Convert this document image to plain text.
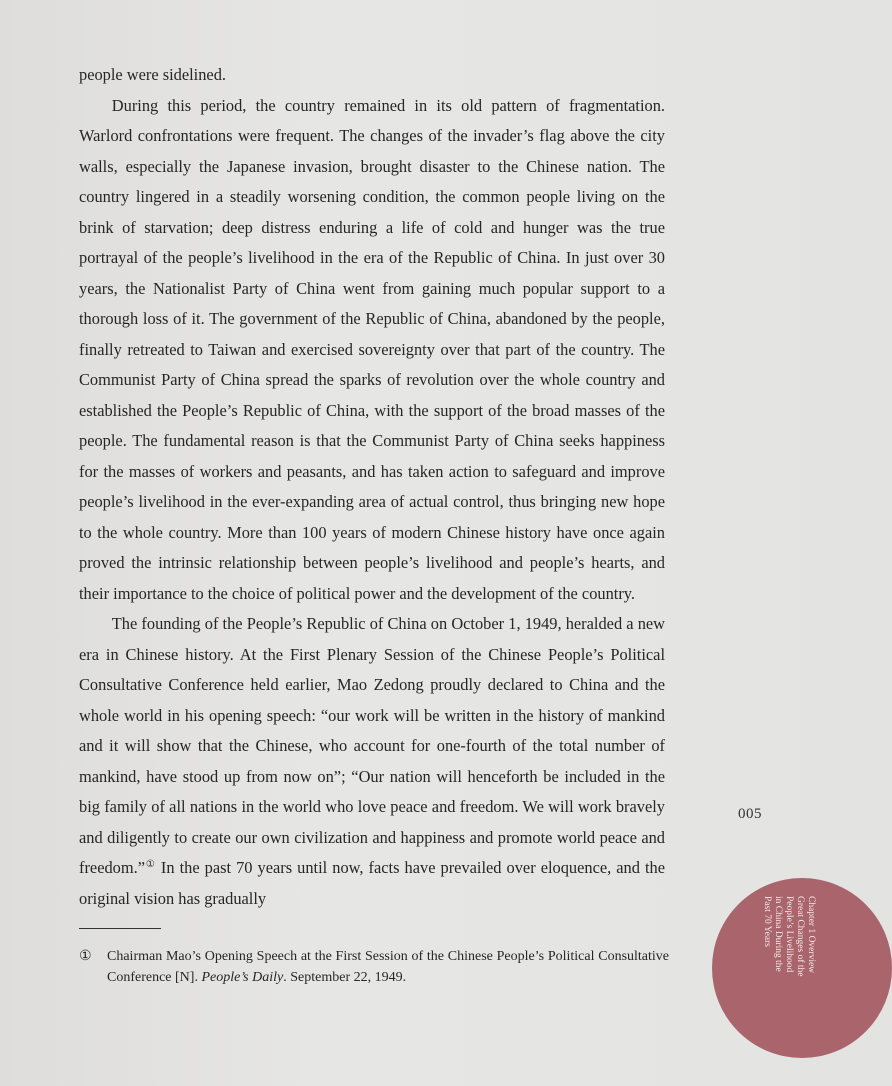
people were sidelined.

During this period, the country remained in its old pattern of fragmentation. Warlord confrontations were frequent. The changes of the invader’s flag above the city walls, especially the Japanese invasion, brought disaster to the Chinese nation. The country lingered in a steadily worsening condition, the common people living on the brink of starvation; deep distress enduring a life of cold and hunger was the true portrayal of the people’s livelihood in the era of the Republic of China. In just over 30 years, the Nationalist Party of China went from gaining much popular support to a thorough loss of it. The government of the Republic of China, abandoned by the people, finally retreated to Taiwan and exercised sovereignty over that part of the country. The Communist Party of China spread the sparks of revolution over the whole country and established the People’s Republic of China, with the support of the broad masses of the people. The fundamental reason is that the Communist Party of China seeks happiness for the masses of workers and peasants, and has taken action to safeguard and improve people’s livelihood in the ever-expanding area of actual control, thus bringing new hope to the whole country. More than 100 years of modern Chinese history have once again proved the intrinsic relationship between people’s livelihood and people’s hearts, and their importance to the choice of political power and the development of the country.

The founding of the People’s Republic of China on October 1, 1949, heralded a new era in Chinese history. At the First Plenary Session of the Chinese People’s Political Consultative Conference held earlier, Mao Zedong proudly declared to China and the whole world in his opening speech: “our work will be written in the history of mankind and it will show that the Chinese, who account for one-fourth of the total number of mankind, have stood up from now on”; “Our nation will henceforth be included in the big family of all nations in the world who love peace and freedom. We will work bravely and diligently to create our own civilization and happiness and promote world peace and freedom.”① In the past 70 years until now, facts have prevailed over eloquence, and the original vision has gradually

① Chairman Mao’s Opening Speech at the First Session of the Chinese People’s Political Consultative Conference [N]. People’s Daily. September 22, 1949.
005
Chapter 1 Overview
Great Changes of the
People’s Livelihood
in China During the
Past 70 Years
